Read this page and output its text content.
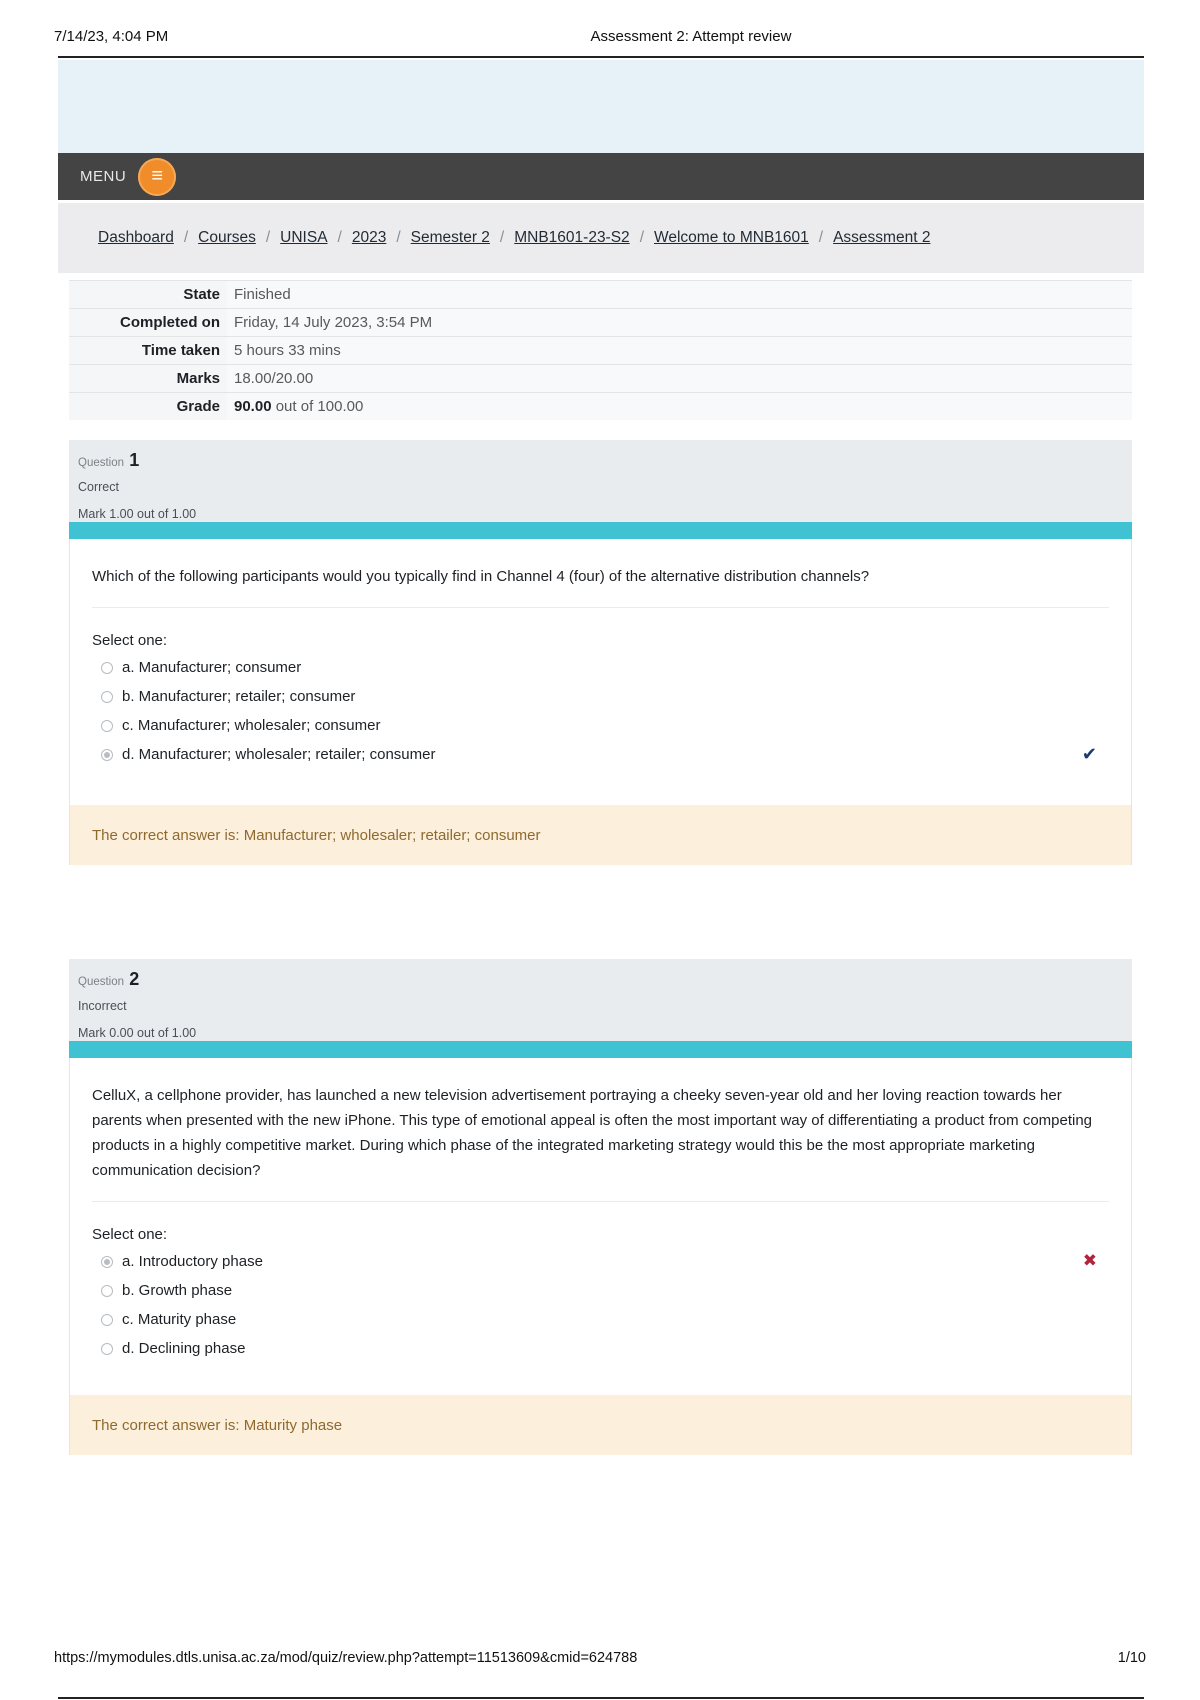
7/14/23, 4:04 PM	Assessment 2: Attempt review
MENU ≡
Dashboard / Courses / UNISA / 2023 / Semester 2 / MNB1601-23-S2 / Welcome to MNB1601 / Assessment 2
State	Finished
Completed on	Friday, 14 July 2023, 3:54 PM
Time taken	5 hours 33 mins
Marks	18.00/20.00
Grade	90.00 out of 100.00
Question 1
Correct
Mark 1.00 out of 1.00
Which of the following participants would you typically find in Channel 4 (four) of the alternative distribution channels?
Select one:
a. Manufacturer; consumer
b. Manufacturer; retailer; consumer
c. Manufacturer; wholesaler; consumer
d. Manufacturer; wholesaler; retailer; consumer	✔
The correct answer is: Manufacturer; wholesaler; retailer; consumer
Question 2
Incorrect
Mark 0.00 out of 1.00
CelluX, a cellphone provider, has launched a new television advertisement portraying a cheeky seven-year old and her loving reaction towards her parents when presented with the new iPhone. This type of emotional appeal is often the most important way of differentiating a product from competing products in a highly competitive market. During which phase of the integrated marketing strategy would this be the most appropriate marketing communication decision?
Select one:
a. Introductory phase	✖
b. Growth phase
c. Maturity phase
d. Declining phase
The correct answer is: Maturity phase
https://mymodules.dtls.unisa.ac.za/mod/quiz/review.php?attempt=11513609&cmid=624788	1/10
